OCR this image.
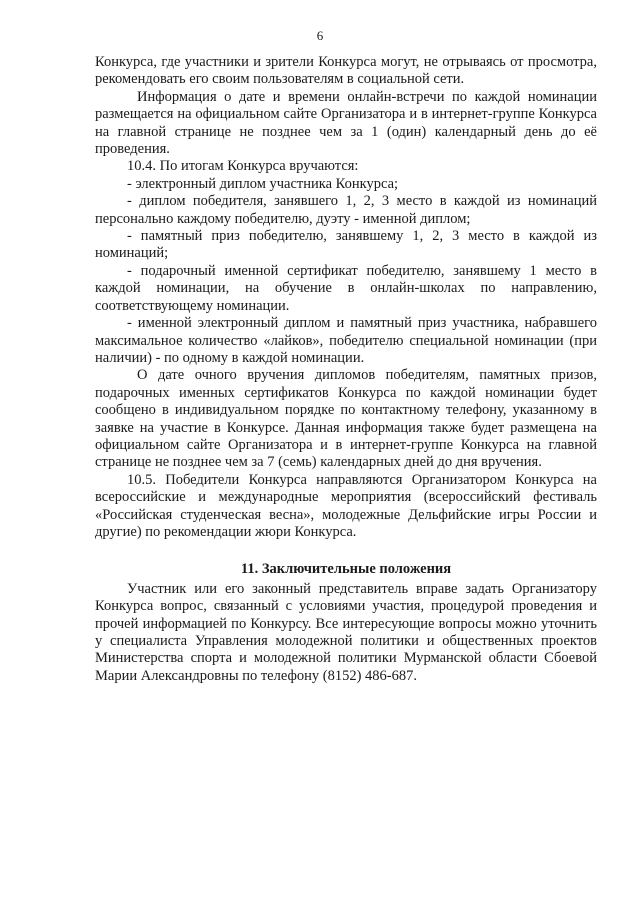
6

Конкурса, где участники и зрители Конкурса могут, не отрываясь от просмотра, рекомендовать его своим пользователям в социальной сети.

Информация о дате и времени онлайн-встречи по каждой номинации размещается на официальном сайте Организатора и в интернет-группе Конкурса на главной странице не позднее чем за 1 (один) календарный день до её проведения.

10.4. По итогам Конкурса вручаются:

- электронный диплом участника Конкурса;

- диплом победителя, занявшего 1, 2, 3 место в каждой из номинаций персонально каждому победителю, дуэту - именной диплом;

- памятный приз победителю, занявшему 1, 2, 3 место в каждой из номинаций;

- подарочный именной сертификат победителю, занявшему 1 место в каждой номинации, на обучение в онлайн-школах по направлению, соответствующему номинации.

- именной электронный диплом и памятный приз участника, набравшего максимальное количество «лайков», победителю специальной номинации (при наличии) - по одному в каждой номинации.

О дате очного вручения дипломов победителям, памятных призов, подарочных именных сертификатов Конкурса по каждой номинации будет сообщено в индивидуальном порядке по контактному телефону, указанному в заявке на участие в Конкурсе. Данная информация также будет размещена на официальном сайте Организатора и в интернет-группе Конкурса на главной странице не позднее чем за 7 (семь) календарных дней до дня вручения.

10.5. Победители Конкурса направляются Организатором Конкурса на всероссийские и международные мероприятия (всероссийский фестиваль «Российская студенческая весна», молодежные Дельфийские игры России и другие) по рекомендации жюри Конкурса.

11. Заключительные положения

Участник или его законный представитель вправе задать Организатору Конкурса вопрос, связанный с условиями участия, процедурой проведения и прочей информацией по Конкурсу. Все интересующие вопросы можно уточнить у специалиста Управления молодежной политики и общественных проектов Министерства спорта и молодежной политики Мурманской области Сбоевой Марии Александровны по телефону (8152) 486-687.
